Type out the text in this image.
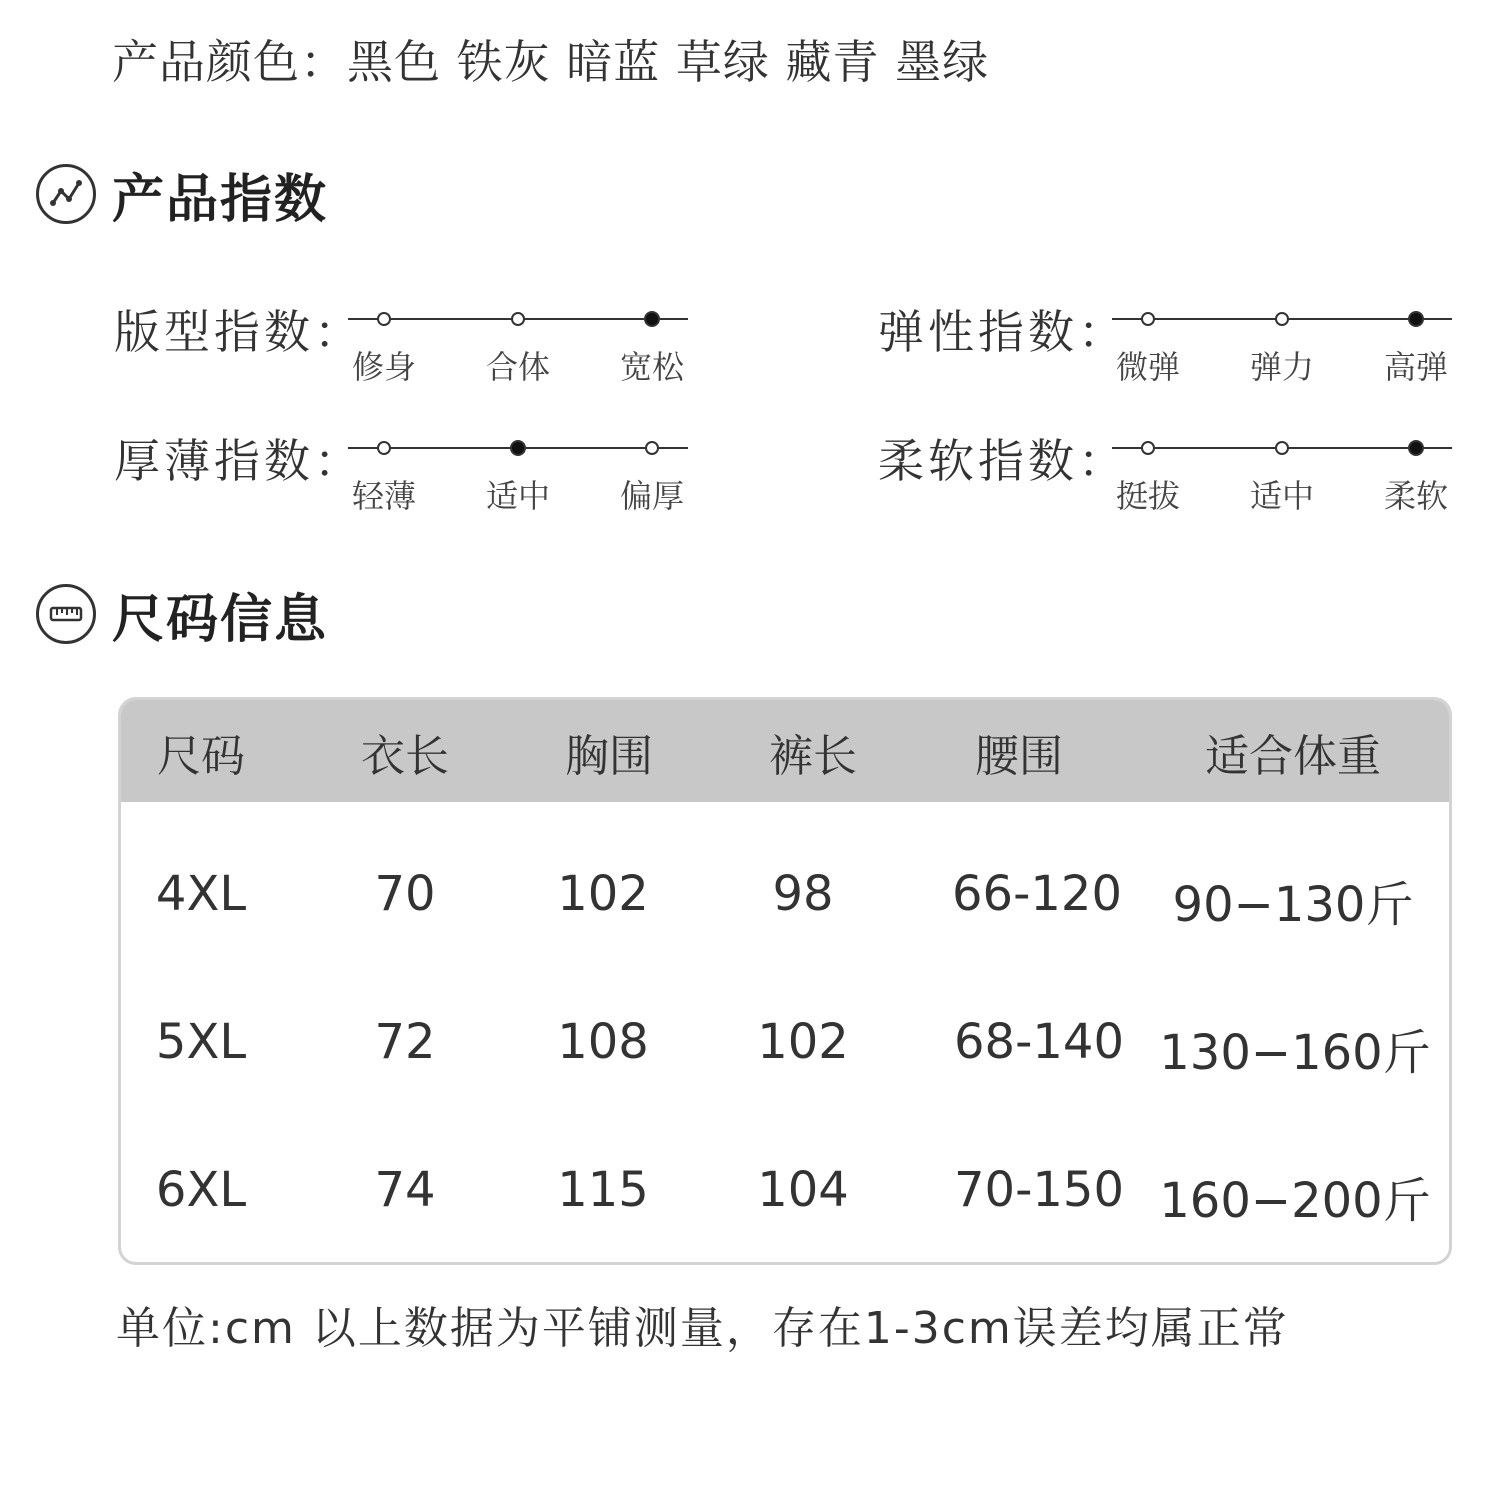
产品颜色：黑色 铁灰 暗蓝 草绿 藏青 墨绿
产品指数
版型指数：
修身 合体 宽松
弹性指数：
微弹 弹力 高弹
厚薄指数：
轻薄 适中 偏厚
柔软指数：
挺拔 适中 柔软
尺码信息
尺码	衣长	胸围	裤长	腰围	适合体重
4XL	70	102	98 66-120 90−130斤
5XL	72	108 102 68-140 130−160斤
6XL	74	115 104 70-150 160−200斤
单位:cm 以上数据为平铺测量，存在1-3cm误差均属正常
